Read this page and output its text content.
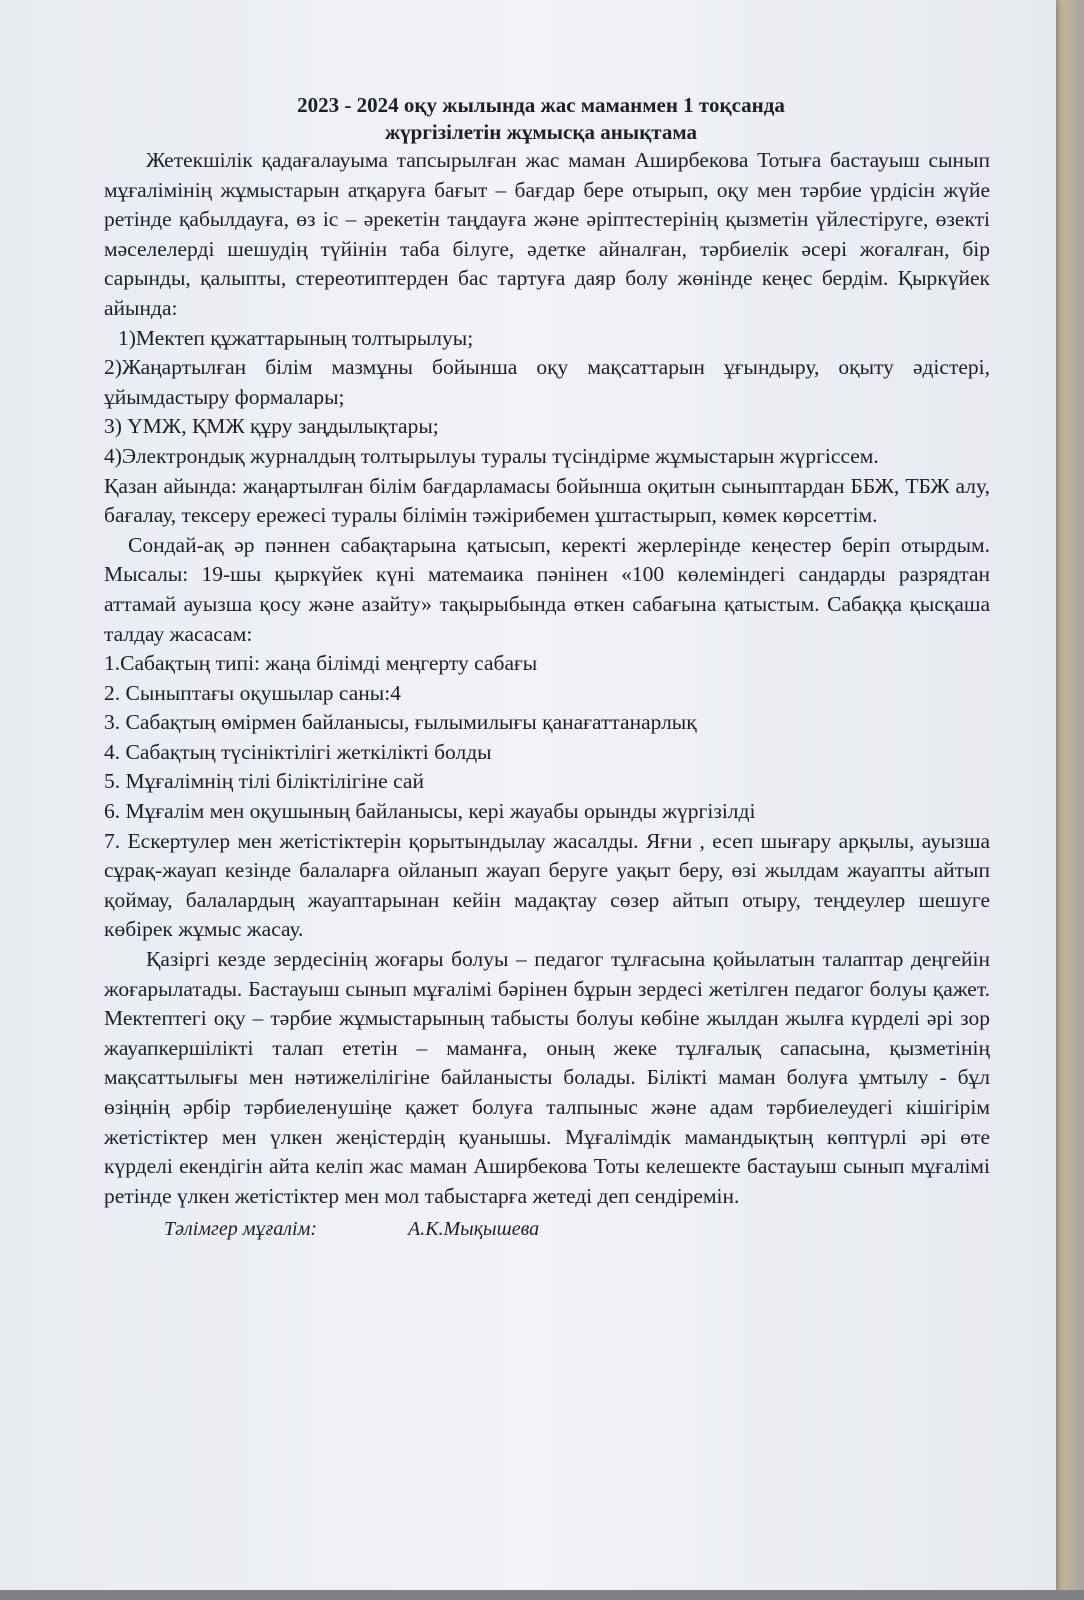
2023 - 2024 оқу жылында жас маманмен 1 тоқсанда
жүргізілетін жұмысқа анықтама

Жетекшілік қадағалауыма тапсырылған жас маман Аширбекова Тотыға бастауыш сынып мұғалімінің жұмыстарын атқаруға бағыт – бағдар бере отырып, оқу мен тәрбие үрдісін жүйе ретінде қабылдауға, өз іс – әрекетін таңдауға және әріптестерінің қызметін үйлестіруге, өзекті мәселелерді шешудің түйінін таба білуге, әдетке айналған, тәрбиелік әсері жоғалған, бір сарынды, қалыпты, стереотиптерден бас тартуға даяр болу жөнінде кеңес бердім. Қыркүйек айында:

1)Мектеп құжаттарының толтырылуы;

2)Жаңартылған білім мазмұны бойынша оқу мақсаттарын ұғындыру, оқыту әдістері, ұйымдастыру формалары;

3) ҮМЖ, ҚМЖ құру заңдылықтары;

4)Электрондық журналдың толтырылуы туралы түсіндірме жұмыстарын жүргіссем.

Қазан айында: жаңартылған білім бағдарламасы бойынша оқитын сыныптардан ББЖ, ТБЖ алу, бағалау, тексеру ережесі туралы білімін тәжірибемен ұштастырып, көмек көрсеттім.

Сондай-ақ әр пәннен сабақтарына қатысып, керекті жерлерінде кеңестер беріп отырдым. Мысалы: 19-шы қыркүйек күні матемаика пәнінен «100 көлеміндегі сандарды разрядтан аттамай ауызша қосу және азайту» тақырыбында өткен сабағына қатыстым. Сабаққа қысқаша талдау жасасам:

1.Сабақтың типі: жаңа білімді меңгерту сабағы

2. Сыныптағы оқушылар саны:4

3. Сабақтың өмірмен байланысы, ғылымилығы қанағаттанарлық

4. Сабақтың түсініктілігі жеткілікті болды

5. Мұғалімнің тілі біліктілігіне сай

6. Мұғалім мен оқушының байланысы, кері жауабы орынды жүргізілді

7. Ескертулер мен жетістіктерін қорытындылау жасалды. Яғни , есеп шығару арқылы, ауызша сұрақ-жауап кезінде балаларға ойланып жауап беруге уақыт беру, өзі жылдам жауапты айтып қоймау, балалардың жауаптарынан кейін мадақтау сөзер айтып отыру, теңдеулер шешуге көбірек жұмыс жасау.

Қазіргі кезде зердесінің жоғары болуы – педагог тұлғасына қойылатын талаптар деңгейін жоғарылатады. Бастауыш сынып мұғалімі бәрінен бұрын зердесі жетілген педагог болуы қажет. Мектептегі оқу – тәрбие жұмыстарының табысты болуы көбіне жылдан жылға күрделі әрі зор жауапкершілікті талап ететін – маманға, оның жеке тұлғалық сапасына, қызметінің мақсаттылығы мен нәтижелілігіне байланысты болады. Білікті маман болуға ұмтылу - бұл өзіңнің әрбір тәрбиеленушіңе қажет болуға талпыныс және адам тәрбиелеудегі кішігірім жетістіктер мен үлкен жеңістердің қуанышы. Мұғалімдік мамандықтың көптүрлі әрі өте күрделі екендігін айта келіп жас маман Аширбекова Тоты келешекте бастауыш сынып мұғалімі ретінде үлкен жетістіктер мен мол табыстарға жетеді деп сендіремін.

Тәлімгер мұғалім:	А.К.Мықышева
